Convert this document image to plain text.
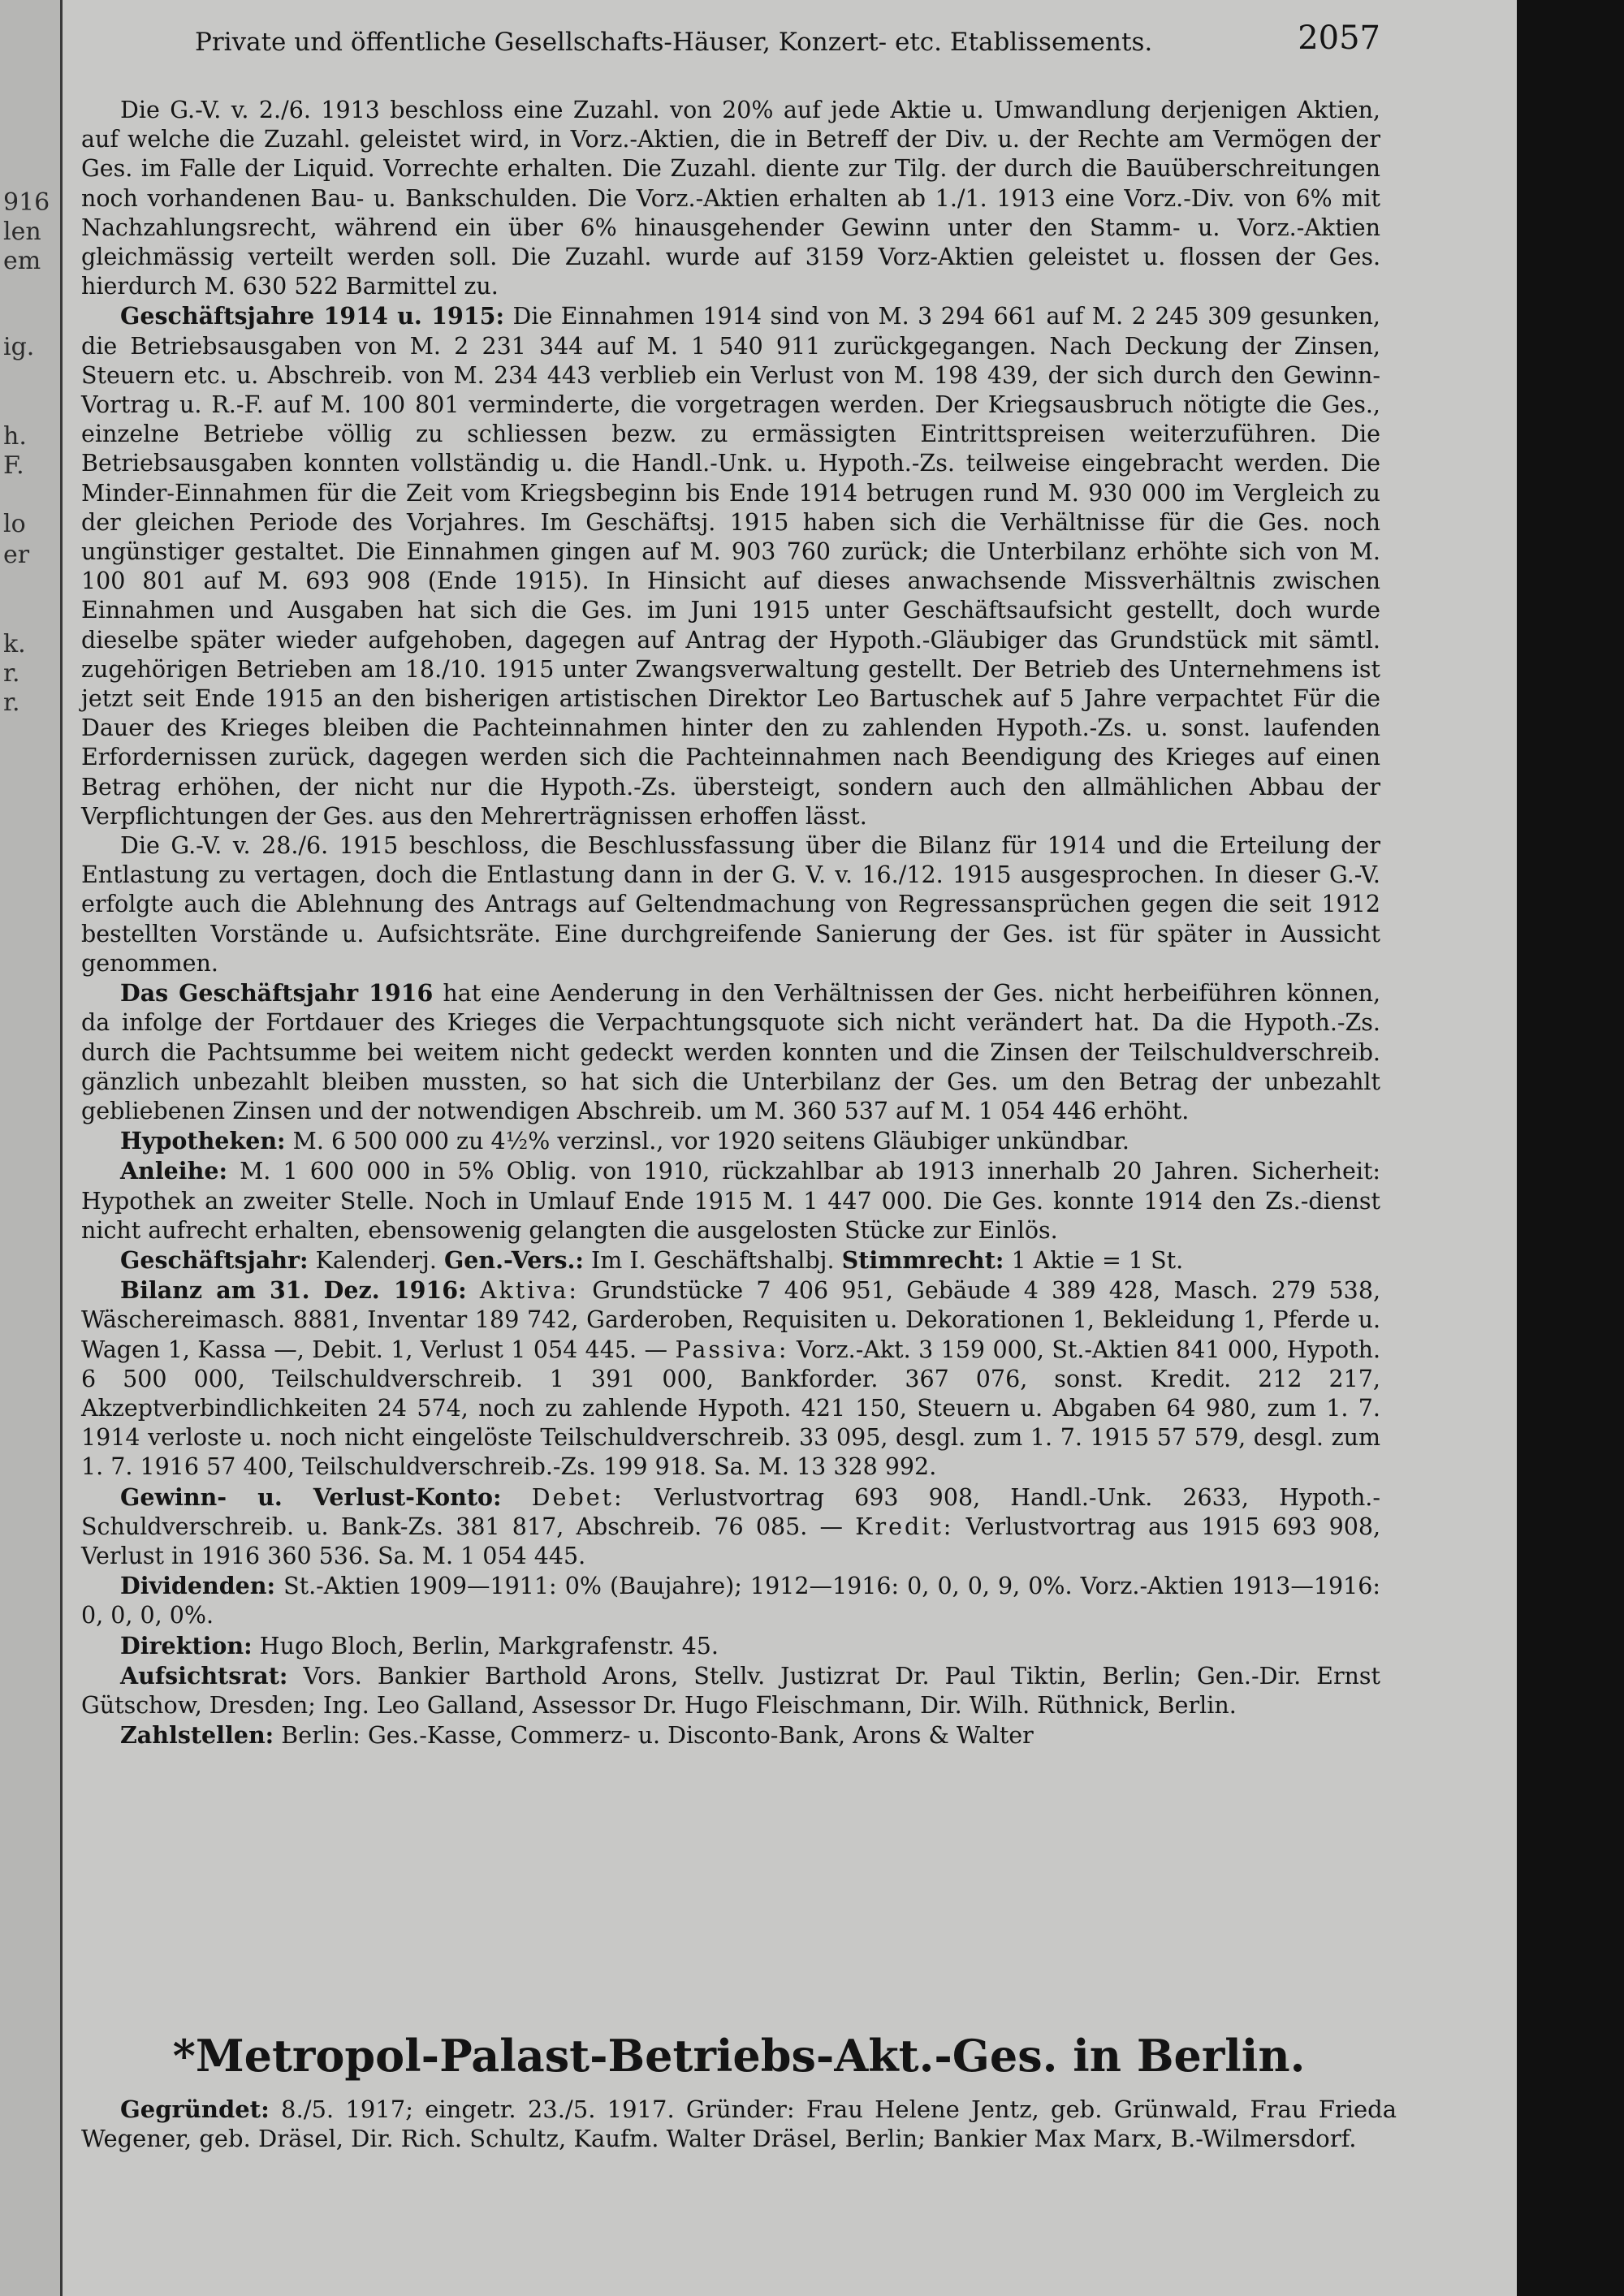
916
len
em
ig.
h.
F.
lo
er
k.
r.
r.
Private und öffentliche Gesellschafts-Häuser, Konzert- etc. Etablissements.	2057

Die G.-V. v. 2./6. 1913 beschloss eine Zuzahl. von 20% auf jede Aktie u. Umwandlung derjenigen Aktien, auf welche die Zuzahl. geleistet wird, in Vorz.-Aktien, die in Betreff der Div. u. der Rechte am Vermögen der Ges. im Falle der Liquid. Vorrechte erhalten. Die Zuzahl. diente zur Tilg. der durch die Bauüberschreitungen noch vorhandenen Bau- u. Bankschulden. Die Vorz.-Aktien erhalten ab 1./1. 1913 eine Vorz.-Div. von 6% mit Nachzahlungsrecht, während ein über 6% hinausgehender Gewinn unter den Stamm- u. Vorz.-Aktien gleichmässig verteilt werden soll. Die Zuzahl. wurde auf 3159 Vorz-Aktien geleistet u. flossen der Ges. hierdurch M. 630 522 Barmittel zu.

Geschäftsjahre 1914 u. 1915: Die Einnahmen 1914 sind von M. 3 294 661 auf M. 2 245 309 gesunken, die Betriebsausgaben von M. 2 231 344 auf M. 1 540 911 zurückgegangen. Nach Deckung der Zinsen, Steuern etc. u. Abschreib. von M. 234 443 verblieb ein Verlust von M. 198 439, der sich durch den Gewinn-Vortrag u. R.-F. auf M. 100 801 verminderte, die vorgetragen werden. Der Kriegsausbruch nötigte die Ges., einzelne Betriebe völlig zu schliessen bezw. zu ermässigten Eintrittspreisen weiterzuführen. Die Betriebsausgaben konnten vollständig u. die Handl.-Unk. u. Hypoth.-Zs. teilweise eingebracht werden. Die Minder-Einnahmen für die Zeit vom Kriegsbeginn bis Ende 1914 betrugen rund M. 930 000 im Vergleich zu der gleichen Periode des Vorjahres. Im Geschäftsj. 1915 haben sich die Verhältnisse für die Ges. noch ungünstiger gestaltet. Die Einnahmen gingen auf M. 903 760 zurück; die Unterbilanz erhöhte sich von M. 100 801 auf M. 693 908 (Ende 1915). In Hinsicht auf dieses anwachsende Missverhältnis zwischen Einnahmen und Ausgaben hat sich die Ges. im Juni 1915 unter Geschäftsaufsicht gestellt, doch wurde dieselbe später wieder aufgehoben, dagegen auf Antrag der Hypoth.-Gläubiger das Grundstück mit sämtl. zugehörigen Betrieben am 18./10. 1915 unter Zwangsverwaltung gestellt. Der Betrieb des Unternehmens ist jetzt seit Ende 1915 an den bisherigen artistischen Direktor Leo Bartuschek auf 5 Jahre verpachtet Für die Dauer des Krieges bleiben die Pachteinnahmen hinter den zu zahlenden Hypoth.-Zs. u. sonst. laufenden Erfordernissen zurück, dagegen werden sich die Pachteinnahmen nach Beendigung des Krieges auf einen Betrag erhöhen, der nicht nur die Hypoth.-Zs. übersteigt, sondern auch den allmählichen Abbau der Verpflichtungen der Ges. aus den Mehrerträgnissen erhoffen lässt.

Die G.-V. v. 28./6. 1915 beschloss, die Beschlussfassung über die Bilanz für 1914 und die Erteilung der Entlastung zu vertagen, doch die Entlastung dann in der G. V. v. 16./12. 1915 ausgesprochen. In dieser G.-V. erfolgte auch die Ablehnung des Antrags auf Geltendmachung von Regressansprüchen gegen die seit 1912 bestellten Vorstände u. Aufsichtsräte. Eine durchgreifende Sanierung der Ges. ist für später in Aussicht genommen.

Das Geschäftsjahr 1916 hat eine Aenderung in den Verhältnissen der Ges. nicht herbeiführen können, da infolge der Fortdauer des Krieges die Verpachtungsquote sich nicht verändert hat. Da die Hypoth.-Zs. durch die Pachtsumme bei weitem nicht gedeckt werden konnten und die Zinsen der Teilschuldverschreib. gänzlich unbezahlt bleiben mussten, so hat sich die Unterbilanz der Ges. um den Betrag der unbezahlt gebliebenen Zinsen und der notwendigen Abschreib. um M. 360 537 auf M. 1 054 446 erhöht.

Hypotheken: M. 6 500 000 zu 4½% verzinsl., vor 1920 seitens Gläubiger unkündbar.

Anleihe: M. 1 600 000 in 5% Oblig. von 1910, rückzahlbar ab 1913 innerhalb 20 Jahren. Sicherheit: Hypothek an zweiter Stelle. Noch in Umlauf Ende 1915 M. 1 447 000. Die Ges. konnte 1914 den Zs.-dienst nicht aufrecht erhalten, ebensowenig gelangten die ausgelosten Stücke zur Einlös.

Geschäftsjahr: Kalenderj. Gen.-Vers.: Im I. Geschäftshalbj. Stimmrecht: 1 Aktie = 1 St.

Bilanz am 31. Dez. 1916: Aktiva: Grundstücke 7 406 951, Gebäude 4 389 428, Masch. 279 538, Wäschereimasch. 8881, Inventar 189 742, Garderoben, Requisiten u. Dekorationen 1, Bekleidung 1, Pferde u. Wagen 1, Kassa —, Debit. 1, Verlust 1 054 445. — Passiva: Vorz.-Akt. 3 159 000, St.-Aktien 841 000, Hypoth. 6 500 000, Teilschuldverschreib. 1 391 000, Bankforder. 367 076, sonst. Kredit. 212 217, Akzeptverbindlichkeiten 24 574, noch zu zahlende Hypoth. 421 150, Steuern u. Abgaben 64 980, zum 1. 7. 1914 verloste u. noch nicht eingelöste Teilschuldverschreib. 33 095, desgl. zum 1. 7. 1915 57 579, desgl. zum 1. 7. 1916 57 400, Teilschuldverschreib.-Zs. 199 918. Sa. M. 13 328 992.

Gewinn- u. Verlust-Konto: Debet: Verlustvortrag 693 908, Handl.-Unk. 2633, Hypoth.-Schuldverschreib. u. Bank-Zs. 381 817, Abschreib. 76 085. — Kredit: Verlustvortrag aus 1915 693 908, Verlust in 1916 360 536. Sa. M. 1 054 445.

Dividenden: St.-Aktien 1909—1911: 0% (Baujahre); 1912—1916: 0, 0, 0, 9, 0%. Vorz.-Aktien 1913—1916: 0, 0, 0, 0%.

Direktion: Hugo Bloch, Berlin, Markgrafenstr. 45.

Aufsichtsrat: Vors. Bankier Barthold Arons, Stellv. Justizrat Dr. Paul Tiktin, Berlin; Gen.-Dir. Ernst Gütschow, Dresden; Ing. Leo Galland, Assessor Dr. Hugo Fleischmann, Dir. Wilh. Rüthnick, Berlin.

Zahlstellen: Berlin: Ges.-Kasse, Commerz- u. Disconto-Bank, Arons & Walter

*Metropol-Palast-Betriebs-Akt.-Ges. in Berlin.

Gegründet: 8./5. 1917; eingetr. 23./5. 1917. Gründer: Frau Helene Jentz, geb. Grünwald, Frau Frieda Wegener, geb. Dräsel, Dir. Rich. Schultz, Kaufm. Walter Dräsel, Berlin; Bankier Max Marx, B.-Wilmersdorf.
